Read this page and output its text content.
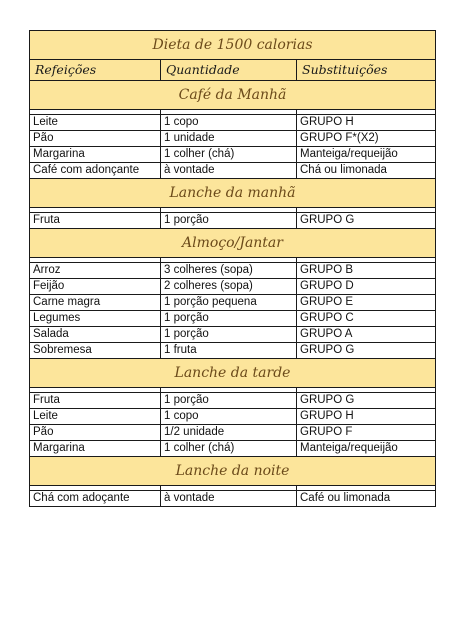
Dieta de 1500 calorias		
Refeições	Quantidade	Substituições
Café da Manhã		

Leite	1 copo	GRUPO H
Pão	1 unidade	GRUPO F*(X2)
Margarina	1 colher (chá)	Manteiga/requeijão
Café com adonçante	à vontade	Chá ou limonada
Lanche da manhã		

Fruta	1 porção	GRUPO G
Almoço/Jantar		

Arroz	3 colheres (sopa)	GRUPO B
Feijão	2 colheres (sopa)	GRUPO D
Carne magra	1 porção pequena	GRUPO E
Legumes	1 porção	GRUPO C
Salada	1 porção	GRUPO A
Sobremesa	1 fruta	GRUPO G
Lanche da tarde		

Fruta	1 porção	GRUPO G
Leite	1 copo	GRUPO H
Pão	1/2 unidade	GRUPO F
Margarina	1 colher (chá)	Manteiga/requeijão
Lanche da noite		

Chá com adoçante	à vontade	Café ou limonada
